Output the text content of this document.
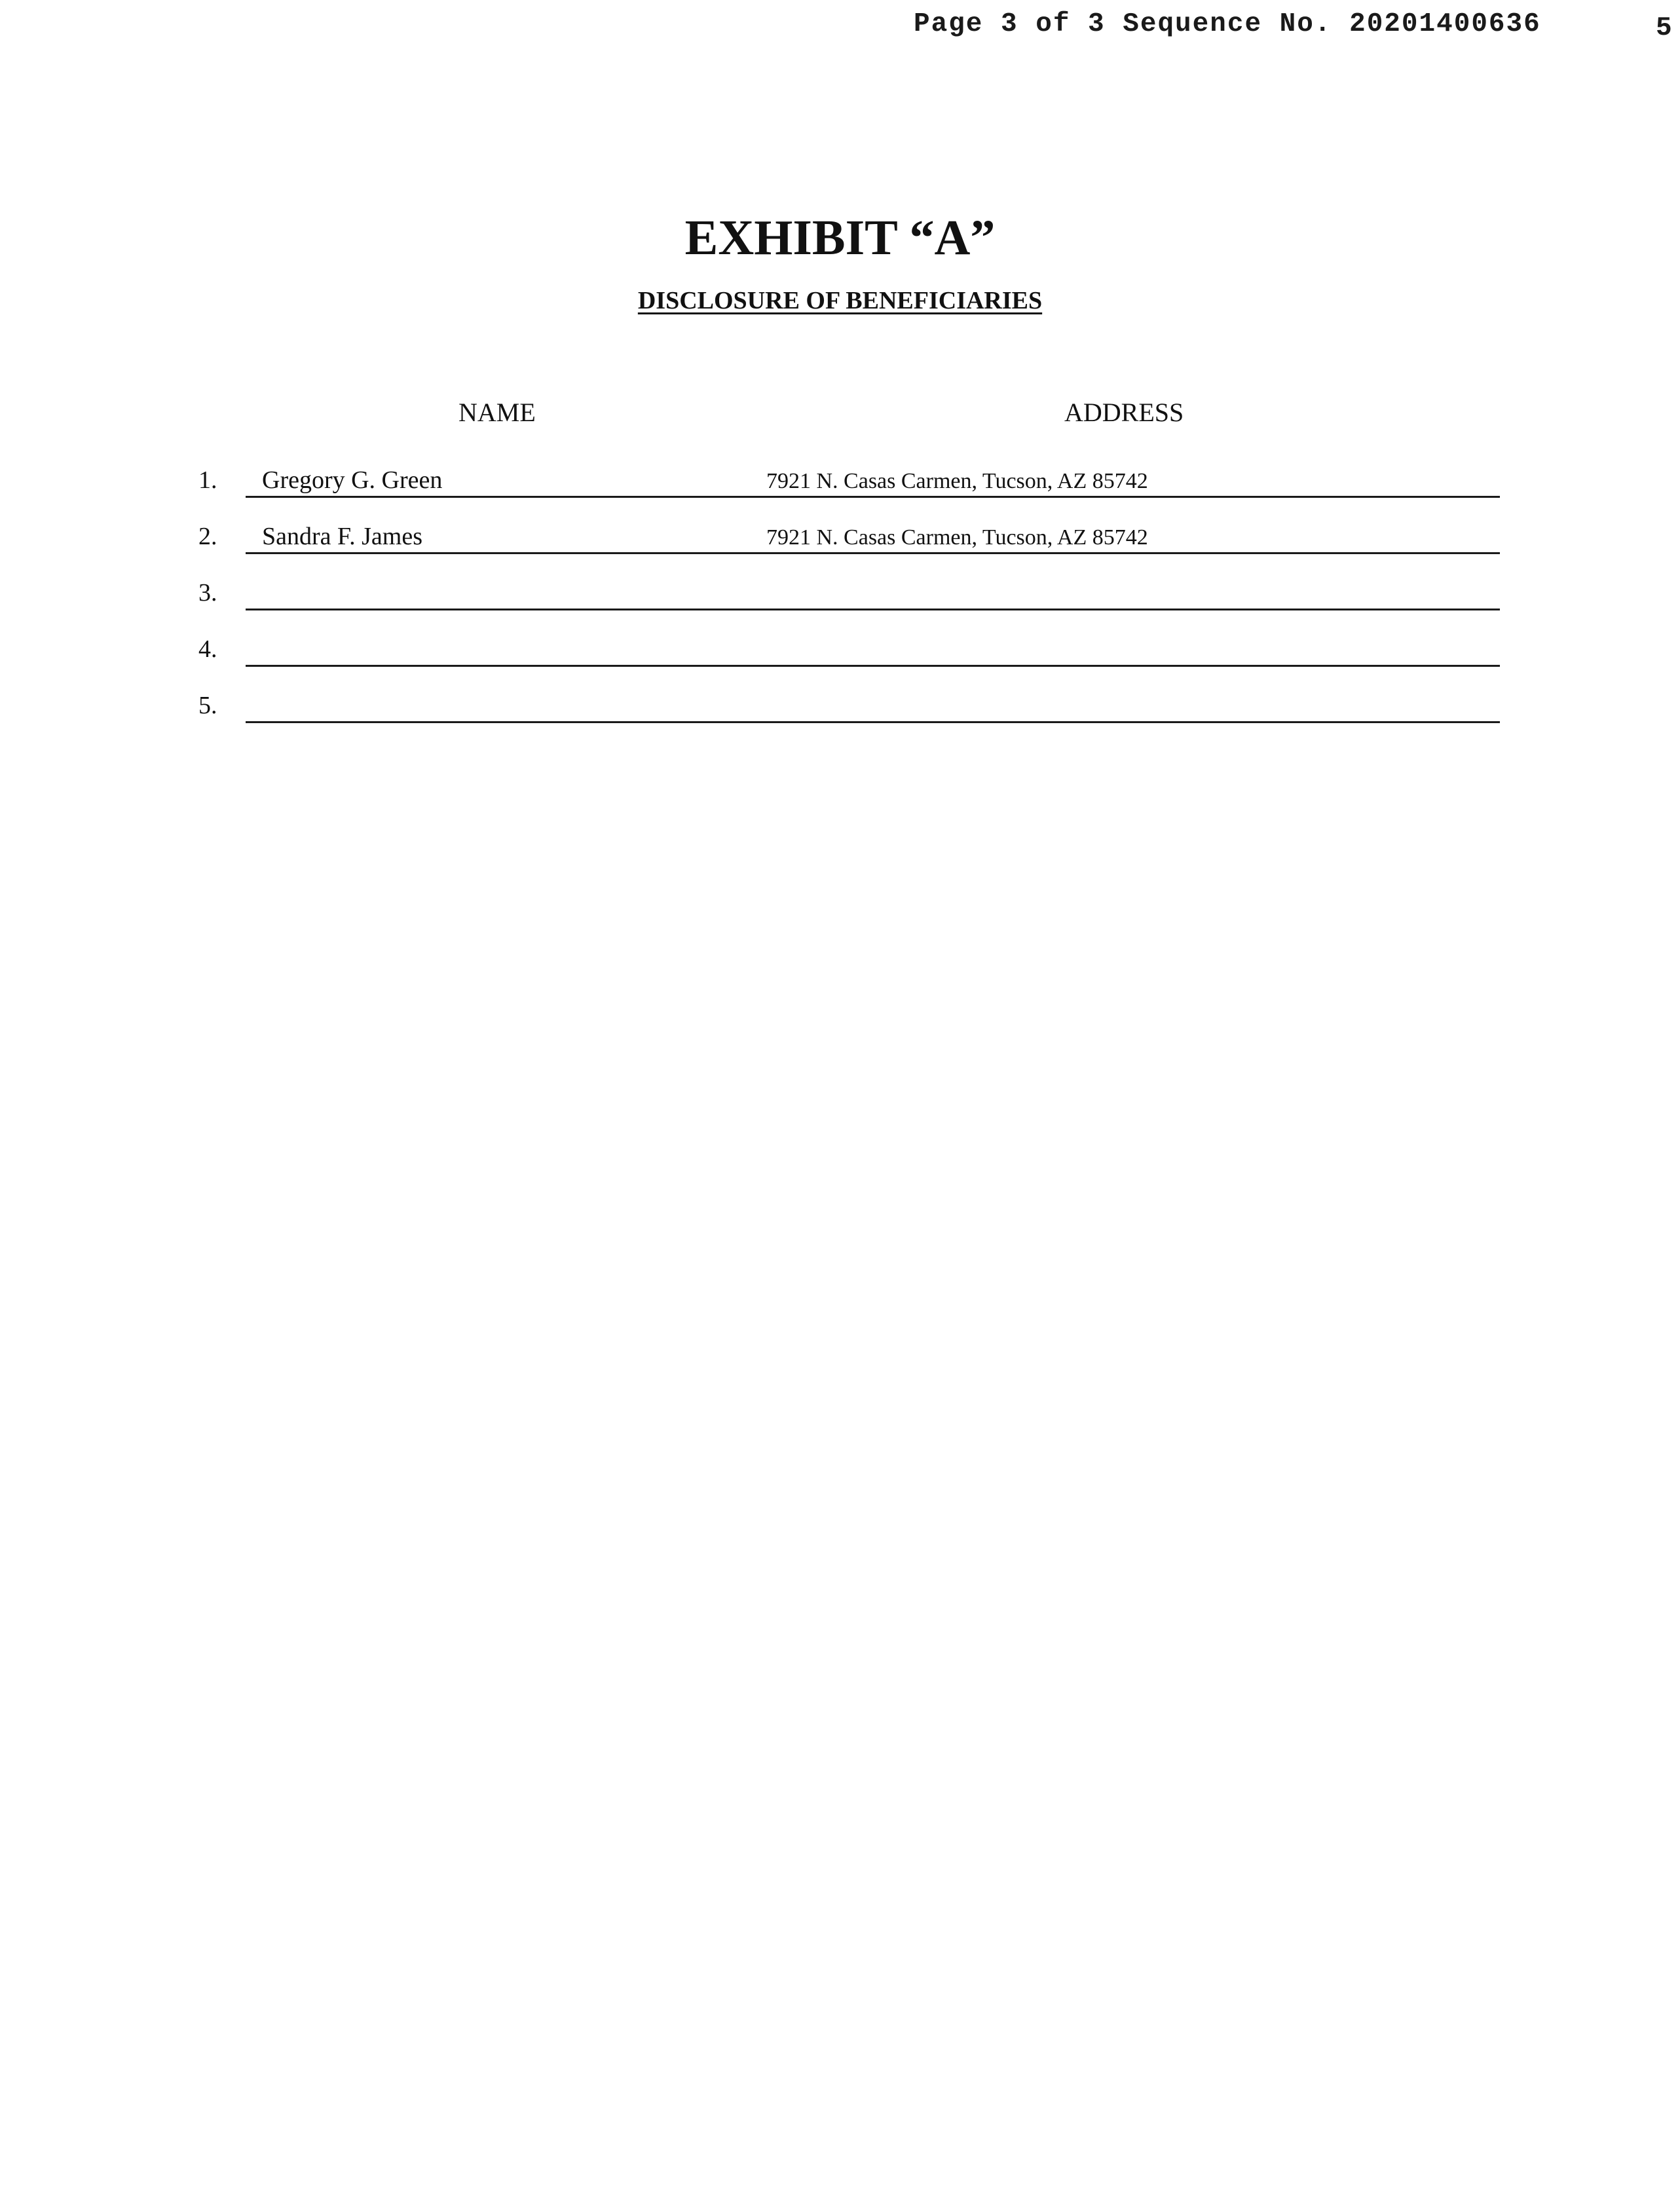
Page 3 of 3 Sequence No. 20201400636	5
EXHIBIT “A”
DISCLOSURE OF BENEFICIARIES
NAME	ADDRESS
1. Gregory G. Green	7921 N. Casas Carmen, Tucson, AZ 85742
2. Sandra F. James	7921 N. Casas Carmen, Tucson, AZ 85742
3.
4.
5.
